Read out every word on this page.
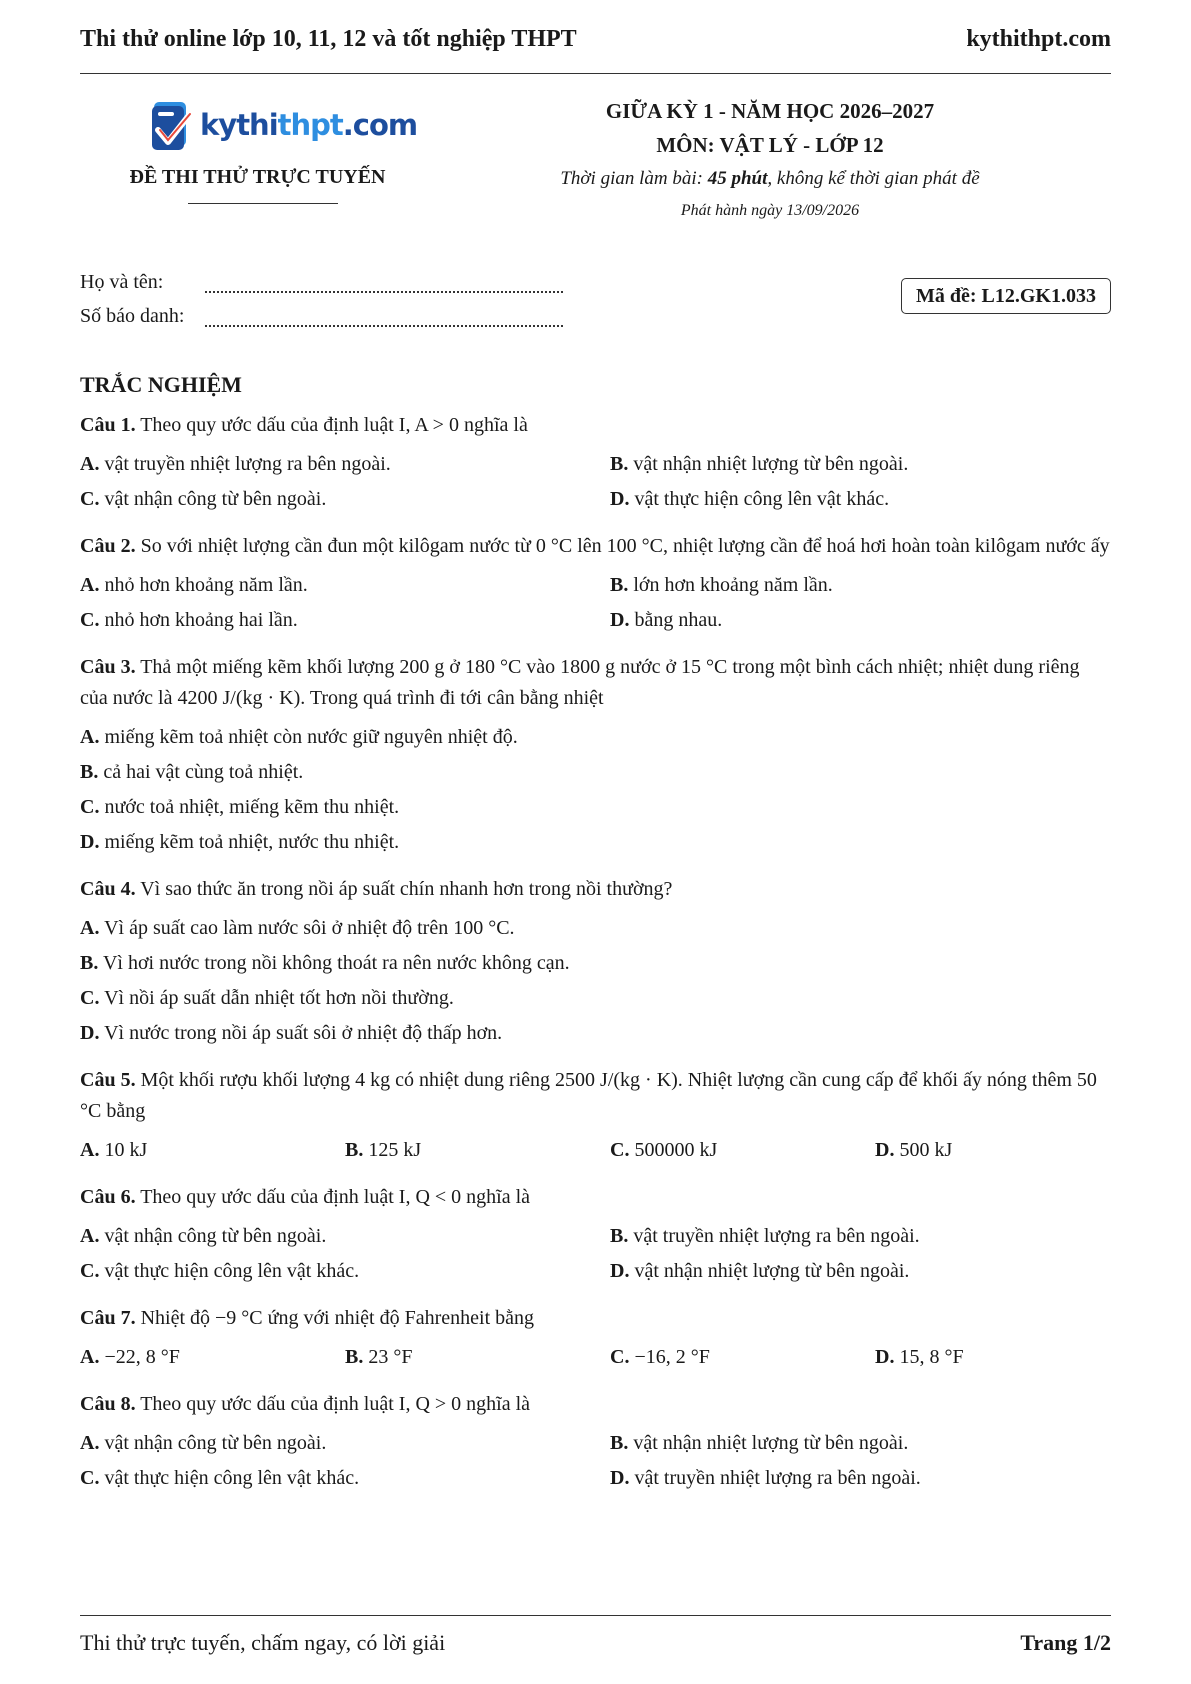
Thi thử online lớp 10, 11, 12 và tốt nghiệp THPT	kythithpt.com
kythithpt.com
ĐỀ THI THỬ TRỰC TUYẾN
GIỮA KỲ 1 - NĂM HỌC 2026–2027
MÔN: VẬT LÝ - LỚP 12
Thời gian làm bài: 45 phút, không kể thời gian phát đề
Phát hành ngày 13/09/2026
Họ và tên:
Số báo danh:
Mã đề: L12.GK1.033
TRẮC NGHIỆM
Câu 1. Theo quy ước dấu của định luật I, A > 0 nghĩa là
A. vật truyền nhiệt lượng ra bên ngoài.	B. vật nhận nhiệt lượng từ bên ngoài.
C. vật nhận công từ bên ngoài.	D. vật thực hiện công lên vật khác.
Câu 2. So với nhiệt lượng cần đun một kilôgam nước từ 0 °C lên 100 °C, nhiệt lượng cần để hoá hơi hoàn toàn kilôgam nước ấy
A. nhỏ hơn khoảng năm lần.	B. lớn hơn khoảng năm lần.
C. nhỏ hơn khoảng hai lần.	D. bằng nhau.
Câu 3. Thả một miếng kẽm khối lượng 200 g ở 180 °C vào 1800 g nước ở 15 °C trong một bình cách nhiệt; nhiệt dung riêng của nước là 4200 J/(kg · K). Trong quá trình đi tới cân bằng nhiệt
A. miếng kẽm toả nhiệt còn nước giữ nguyên nhiệt độ.
B. cả hai vật cùng toả nhiệt.
C. nước toả nhiệt, miếng kẽm thu nhiệt.
D. miếng kẽm toả nhiệt, nước thu nhiệt.
Câu 4. Vì sao thức ăn trong nồi áp suất chín nhanh hơn trong nồi thường?
A. Vì áp suất cao làm nước sôi ở nhiệt độ trên 100 °C.
B. Vì hơi nước trong nồi không thoát ra nên nước không cạn.
C. Vì nồi áp suất dẫn nhiệt tốt hơn nồi thường.
D. Vì nước trong nồi áp suất sôi ở nhiệt độ thấp hơn.
Câu 5. Một khối rượu khối lượng 4 kg có nhiệt dung riêng 2500 J/(kg · K). Nhiệt lượng cần cung cấp để khối ấy nóng thêm 50 °C bằng
A. 10 kJ	B. 125 kJ	C. 500000 kJ	D. 500 kJ
Câu 6. Theo quy ước dấu của định luật I, Q < 0 nghĩa là
A. vật nhận công từ bên ngoài.	B. vật truyền nhiệt lượng ra bên ngoài.
C. vật thực hiện công lên vật khác.	D. vật nhận nhiệt lượng từ bên ngoài.
Câu 7. Nhiệt độ −9 °C ứng với nhiệt độ Fahrenheit bằng
A. −22, 8 °F	B. 23 °F	C. −16, 2 °F	D. 15, 8 °F
Câu 8. Theo quy ước dấu của định luật I, Q > 0 nghĩa là
A. vật nhận công từ bên ngoài.	B. vật nhận nhiệt lượng từ bên ngoài.
C. vật thực hiện công lên vật khác.	D. vật truyền nhiệt lượng ra bên ngoài.
Thi thử trực tuyến, chấm ngay, có lời giải	Trang 1/2
